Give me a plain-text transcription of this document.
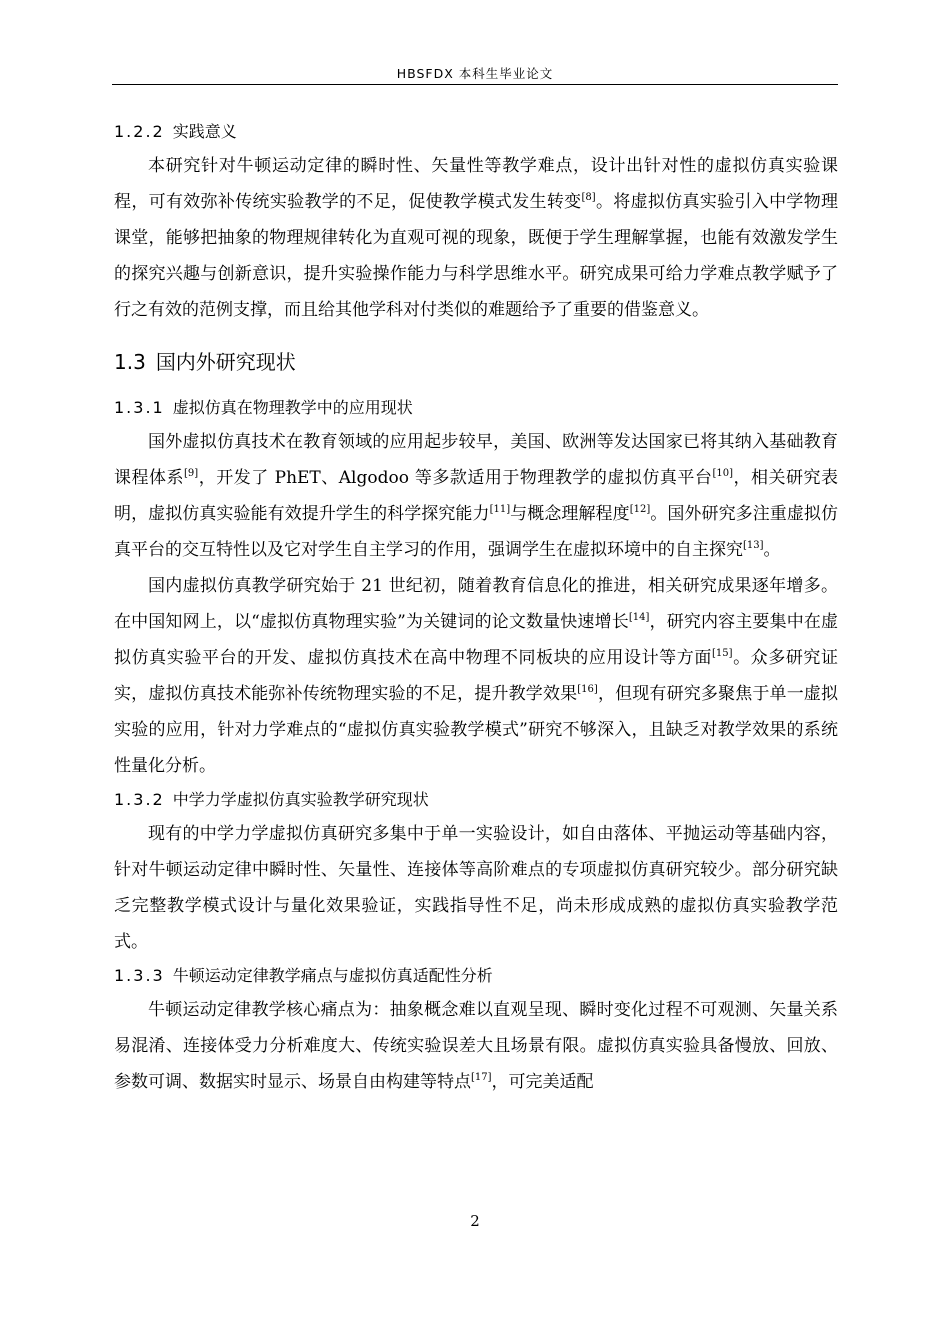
HBSFDX 本科生毕业论文
1.2.2 实践意义

本研究针对牛顿运动定律的瞬时性、矢量性等教学难点，设计出针对性的虚拟仿真实验课程，可有效弥补传统实验教学的不足，促使教学模式发生转变[8]。将虚拟仿真实验引入中学物理课堂，能够把抽象的物理规律转化为直观可视的现象，既便于学生理解掌握，也能有效激发学生的探究兴趣与创新意识，提升实验操作能力与科学思维水平。研究成果可给力学难点教学赋予了行之有效的范例支撑，而且给其他学科对付类似的难题给予了重要的借鉴意义。

1.3 国内外研究现状
1.3.1 虚拟仿真在物理教学中的应用现状

国外虚拟仿真技术在教育领域的应用起步较早，美国、欧洲等发达国家已将其纳入基础教育课程体系[9]，开发了 PhET、Algodoo 等多款适用于物理教学的虚拟仿真平台[10]，相关研究表明，虚拟仿真实验能有效提升学生的科学探究能力[11]与概念理解程度[12]。国外研究多注重虚拟仿真平台的交互特性以及它对学生自主学习的作用，强调学生在虚拟环境中的自主探究[13]。

国内虚拟仿真教学研究始于 21 世纪初，随着教育信息化的推进，相关研究成果逐年增多。在中国知网上，以“虚拟仿真物理实验”为关键词的论文数量快速增长[14]，研究内容主要集中在虚拟仿真实验平台的开发、虚拟仿真技术在高中物理不同板块的应用设计等方面[15]。众多研究证实，虚拟仿真技术能弥补传统物理实验的不足，提升教学效果[16]，但现有研究多聚焦于单一虚拟实验的应用，针对力学难点的“虚拟仿真实验教学模式”研究不够深入，且缺乏对教学效果的系统性量化分析。

1.3.2 中学力学虚拟仿真实验教学研究现状

现有的中学力学虚拟仿真研究多集中于单一实验设计，如自由落体、平抛运动等基础内容，针对牛顿运动定律中瞬时性、矢量性、连接体等高阶难点的专项虚拟仿真研究较少。部分研究缺乏完整教学模式设计与量化效果验证，实践指导性不足，尚未形成成熟的虚拟仿真实验教学范式。

1.3.3 牛顿运动定律教学痛点与虚拟仿真适配性分析

牛顿运动定律教学核心痛点为：抽象概念难以直观呈现、瞬时变化过程不可观测、矢量关系易混淆、连接体受力分析难度大、传统实验误差大且场景有限。虚拟仿真实验具备慢放、回放、参数可调、数据实时显示、场景自由构建等特点[17]，可完美适配

2
